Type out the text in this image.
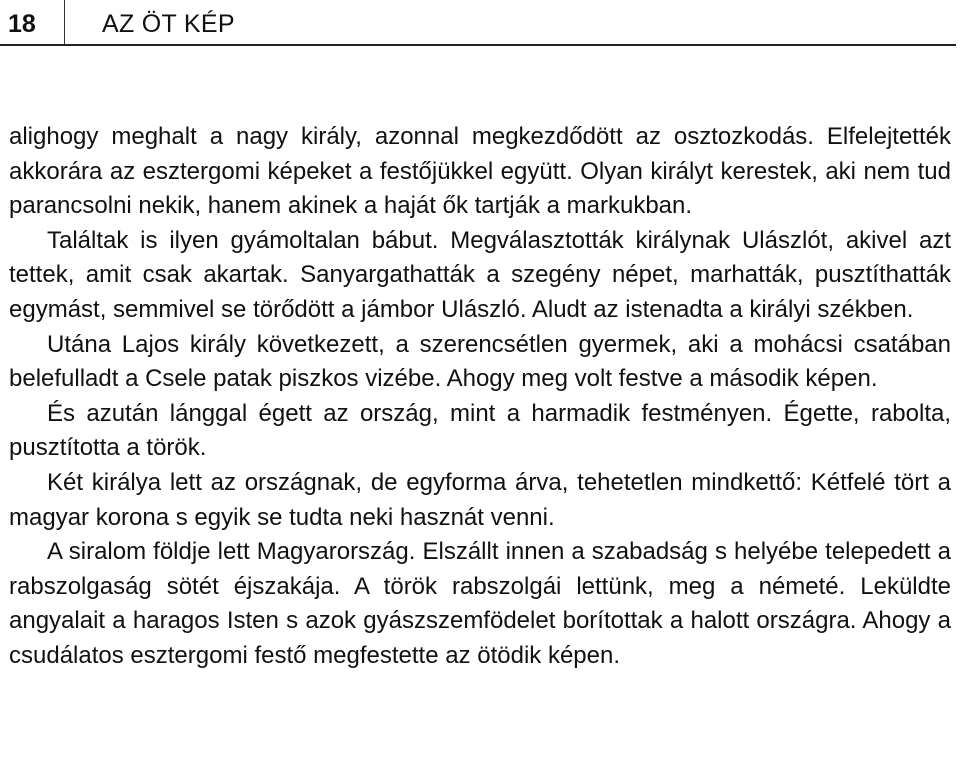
18	AZ ÖT KÉP

alighogy meghalt a nagy király, azonnal megkezdődött az osztozkodás. Elfelejtették akkorára az esztergomi képeket a festőjükkel együtt. Olyan királyt kerestek, aki nem tud parancsolni nekik, hanem akinek a haját ők tartják a markukban.

Találtak is ilyen gyámoltalan bábut. Megválasztották királynak Ulászlót, akivel azt tettek, amit csak akartak. Sanyargathatták a szegény népet, marhatták, pusztíthatták egymást, semmivel se törődött a jámbor Ulászló. Aludt az istenadta a királyi székben.

Utána Lajos király következett, a szerencsétlen gyermek, aki a mohácsi csatában belefulladt a Csele patak piszkos vizébe. Ahogy meg volt festve a második képen.

És azután lánggal égett az ország, mint a harmadik festményen. Égette, rabolta, pusztította a török.

Két királya lett az országnak, de egyforma árva, tehetetlen mindkettő: Kétfelé tört a magyar korona s egyik se tudta neki hasznát venni.

A siralom földje lett Magyarország. Elszállt innen a szabadság s helyébe telepedett a rabszolgaság sötét éjszakája. A török rabszolgái lettünk, meg a németé. Leküldte angyalait a haragos Isten s azok gyászszemfödelet borítottak a halott országra. Ahogy a csudálatos esztergomi festő megfestette az ötödik képen.
